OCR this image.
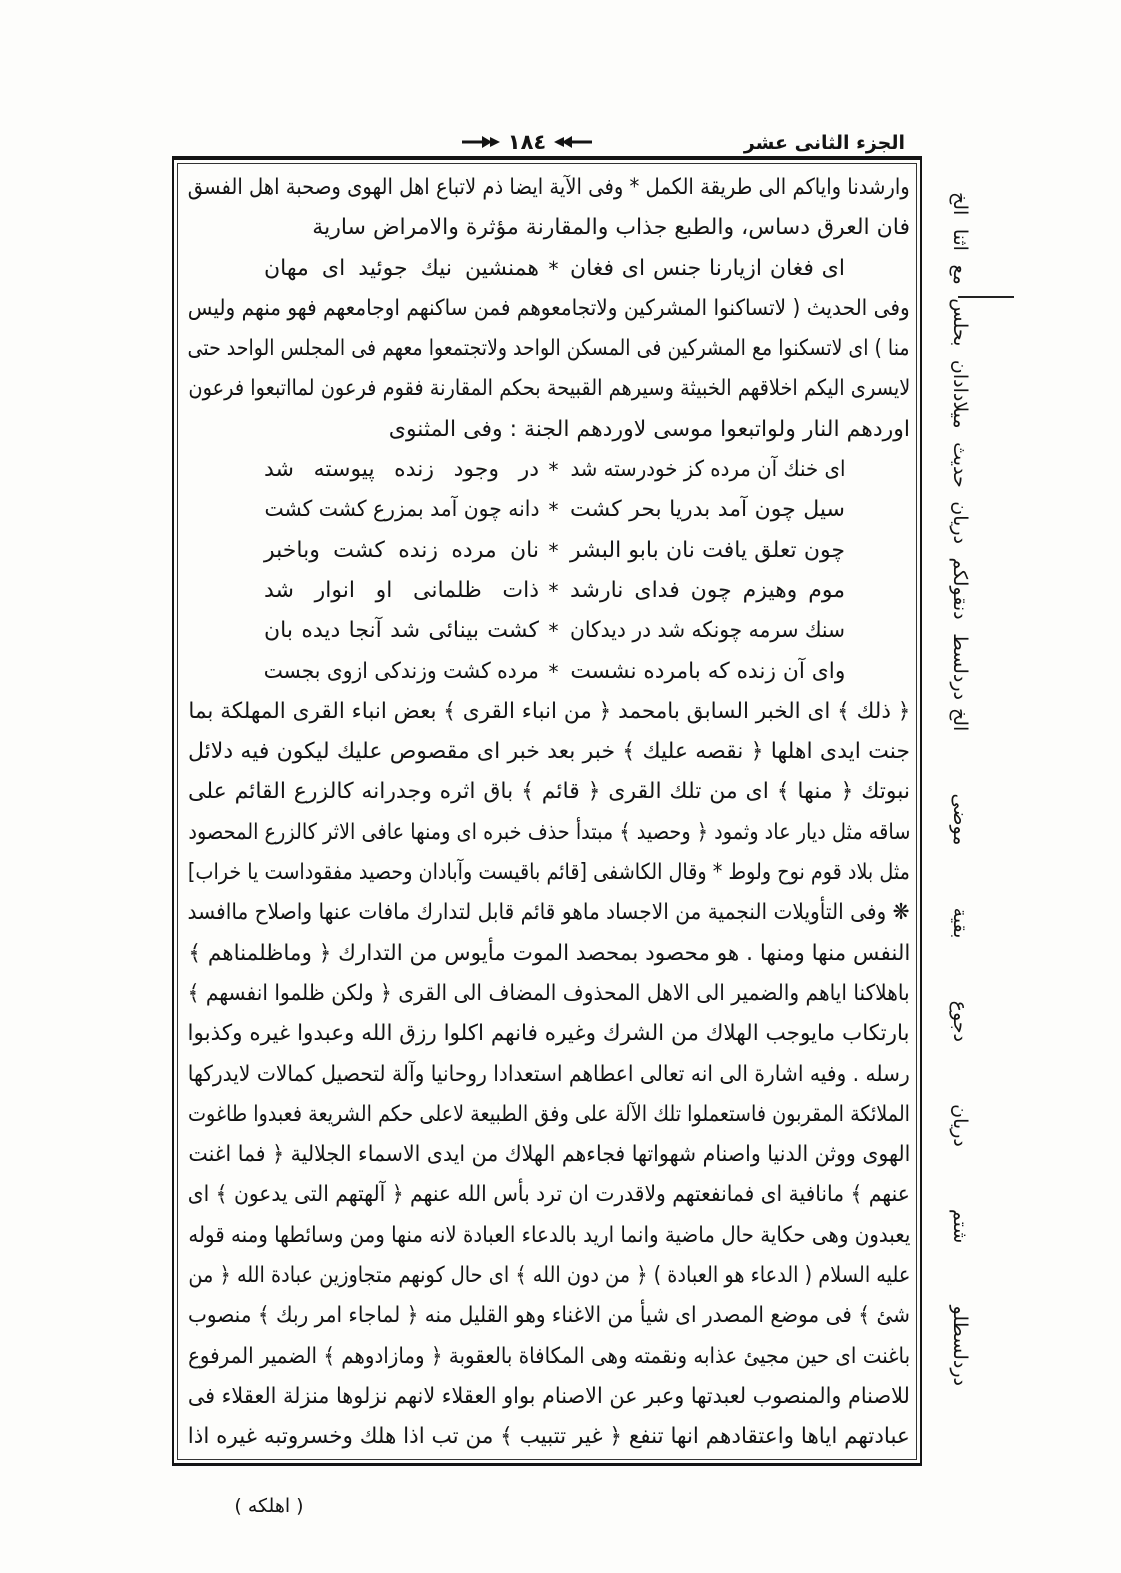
الجزء الثانى عشر
١٨٤
دردلسط دنقولكم دريان حديث ميلادادان بحلس مع اثنا الخ
دردلسطلو شتم دريان دجوع بقية موضى الخ
وارشدنا واياكم الى طريقة الكمل * وفى الآية ايضا ذم لاتباع اهل الهوى وصحبة اهل الفسق
فان العرق دساس، والطبع جذاب والمقارنة مؤثرة والامراض سارية
اى فغان ازيارنا جنس اى فغان
*
همنشين نيك جوئيد اى مهان
وفى الحديث ( لاتساكنوا المشركين ولاتجامعوهم فمن ساكنهم اوجامعهم فهو منهم وليس
منا ) اى لاتسكنوا مع المشركين فى المسكن الواحد ولاتجتمعوا معهم فى المجلس الواحد حتى
لايسرى اليكم اخلاقهم الخبيثة وسيرهم القبيحة بحكم المقارنة فقوم فرعون لمااتبعوا فرعون
اوردهم النار ولواتبعوا موسى لاوردهم الجنة : وفى المثنوى
اى خنك آن مرده كز خودرسته شد
*
در وجود زنده پيوسته شد
سيل چون آمد بدريا بحر كشت
*
دانه چون آمد بمزرع كشت كشت
چون تعلق يافت نان بابو البشر
*
نان مرده زنده كشت وباخبر
موم وهيزم چون فداى نارشد
*
ذات ظلمانى او انوار شد
سنك سرمه چونكه شد در ديدكان
*
كشت بينائى شد آنجا ديده بان
واى آن زنده كه بامرده نشست
*
مرده كشت وزندكى ازوى بجست
﴿ ذلك ﴾ اى الخبر السابق بامحمد ﴿ من انباء القرى ﴾ بعض انباء القرى المهلكة بما
جنت ايدى اهلها ﴿ نقصه عليك ﴾ خبر بعد خبر اى مقصوص عليك ليكون فيه دلائل
نبوتك ﴿ منها ﴾ اى من تلك القرى ﴿ قائم ﴾ باق اثره وجدرانه كالزرع القائم على
ساقه مثل ديار عاد وثمود ﴿ وحصيد ﴾ مبتدأ حذف خبره اى ومنها عافى الاثر كالزرع المحصود
مثل بلاد قوم نوح ولوط * وقال الكاشفى [قائم باقيست وآبادان وحصيد مفقوداست يا خراب]
❋ وفى التأويلات النجمية من الاجساد ماهو قائم قابل لتدارك مافات عنها واصلاح ماافسد
النفس منها ومنها . هو محصود بمحصد الموت مأيوس من التدارك ﴿ وماظلمناهم ﴾
باهلاكنا اياهم والضمير الى الاهل المحذوف المضاف الى القرى ﴿ ولكن ظلموا انفسهم ﴾
بارتكاب مايوجب الهلاك من الشرك وغيره فانهم اكلوا رزق الله وعبدوا غيره وكذبوا
رسله . وفيه اشارة الى انه تعالى اعطاهم استعدادا روحانيا وآلة لتحصيل كمالات لايدركها
الملائكة المقربون فاستعملوا تلك الآلة على وفق الطبيعة لاعلى حكم الشريعة فعبدوا طاغوت
الهوى ووثن الدنيا واصنام شهواتها فجاءهم الهلاك من ايدى الاسماء الجلالية ﴿ فما اغنت
عنهم ﴾ مانافية اى فمانفعتهم ولاقدرت ان ترد بأس الله عنهم ﴿ آلهتهم التى يدعون ﴾ اى
يعبدون وهى حكاية حال ماضية وانما اريد بالدعاء العبادة لانه منها ومن وسائطها ومنه قوله
عليه السلام ( الدعاء هو العبادة ) ﴿ من دون الله ﴾ اى حال كونهم متجاوزين عبادة الله ﴿ من
شئ ﴾ فى موضع المصدر اى شيأ من الاغناء وهو القليل منه ﴿ لماجاء امر ربك ﴾ منصوب
باغنت اى حين مجيئ عذابه ونقمته وهى المكافاة بالعقوبة ﴿ ومازادوهم ﴾ الضمير المرفوع
للاصنام والمنصوب لعبدتها وعبر عن الاصنام بواو العقلاء لانهم نزلوها منزلة العقلاء فى
عبادتهم اياها واعتقادهم انها تنفع ﴿ غير تتبيب ﴾ من تب اذا هلك وخسروتبه غيره اذا
( اهلكه )
